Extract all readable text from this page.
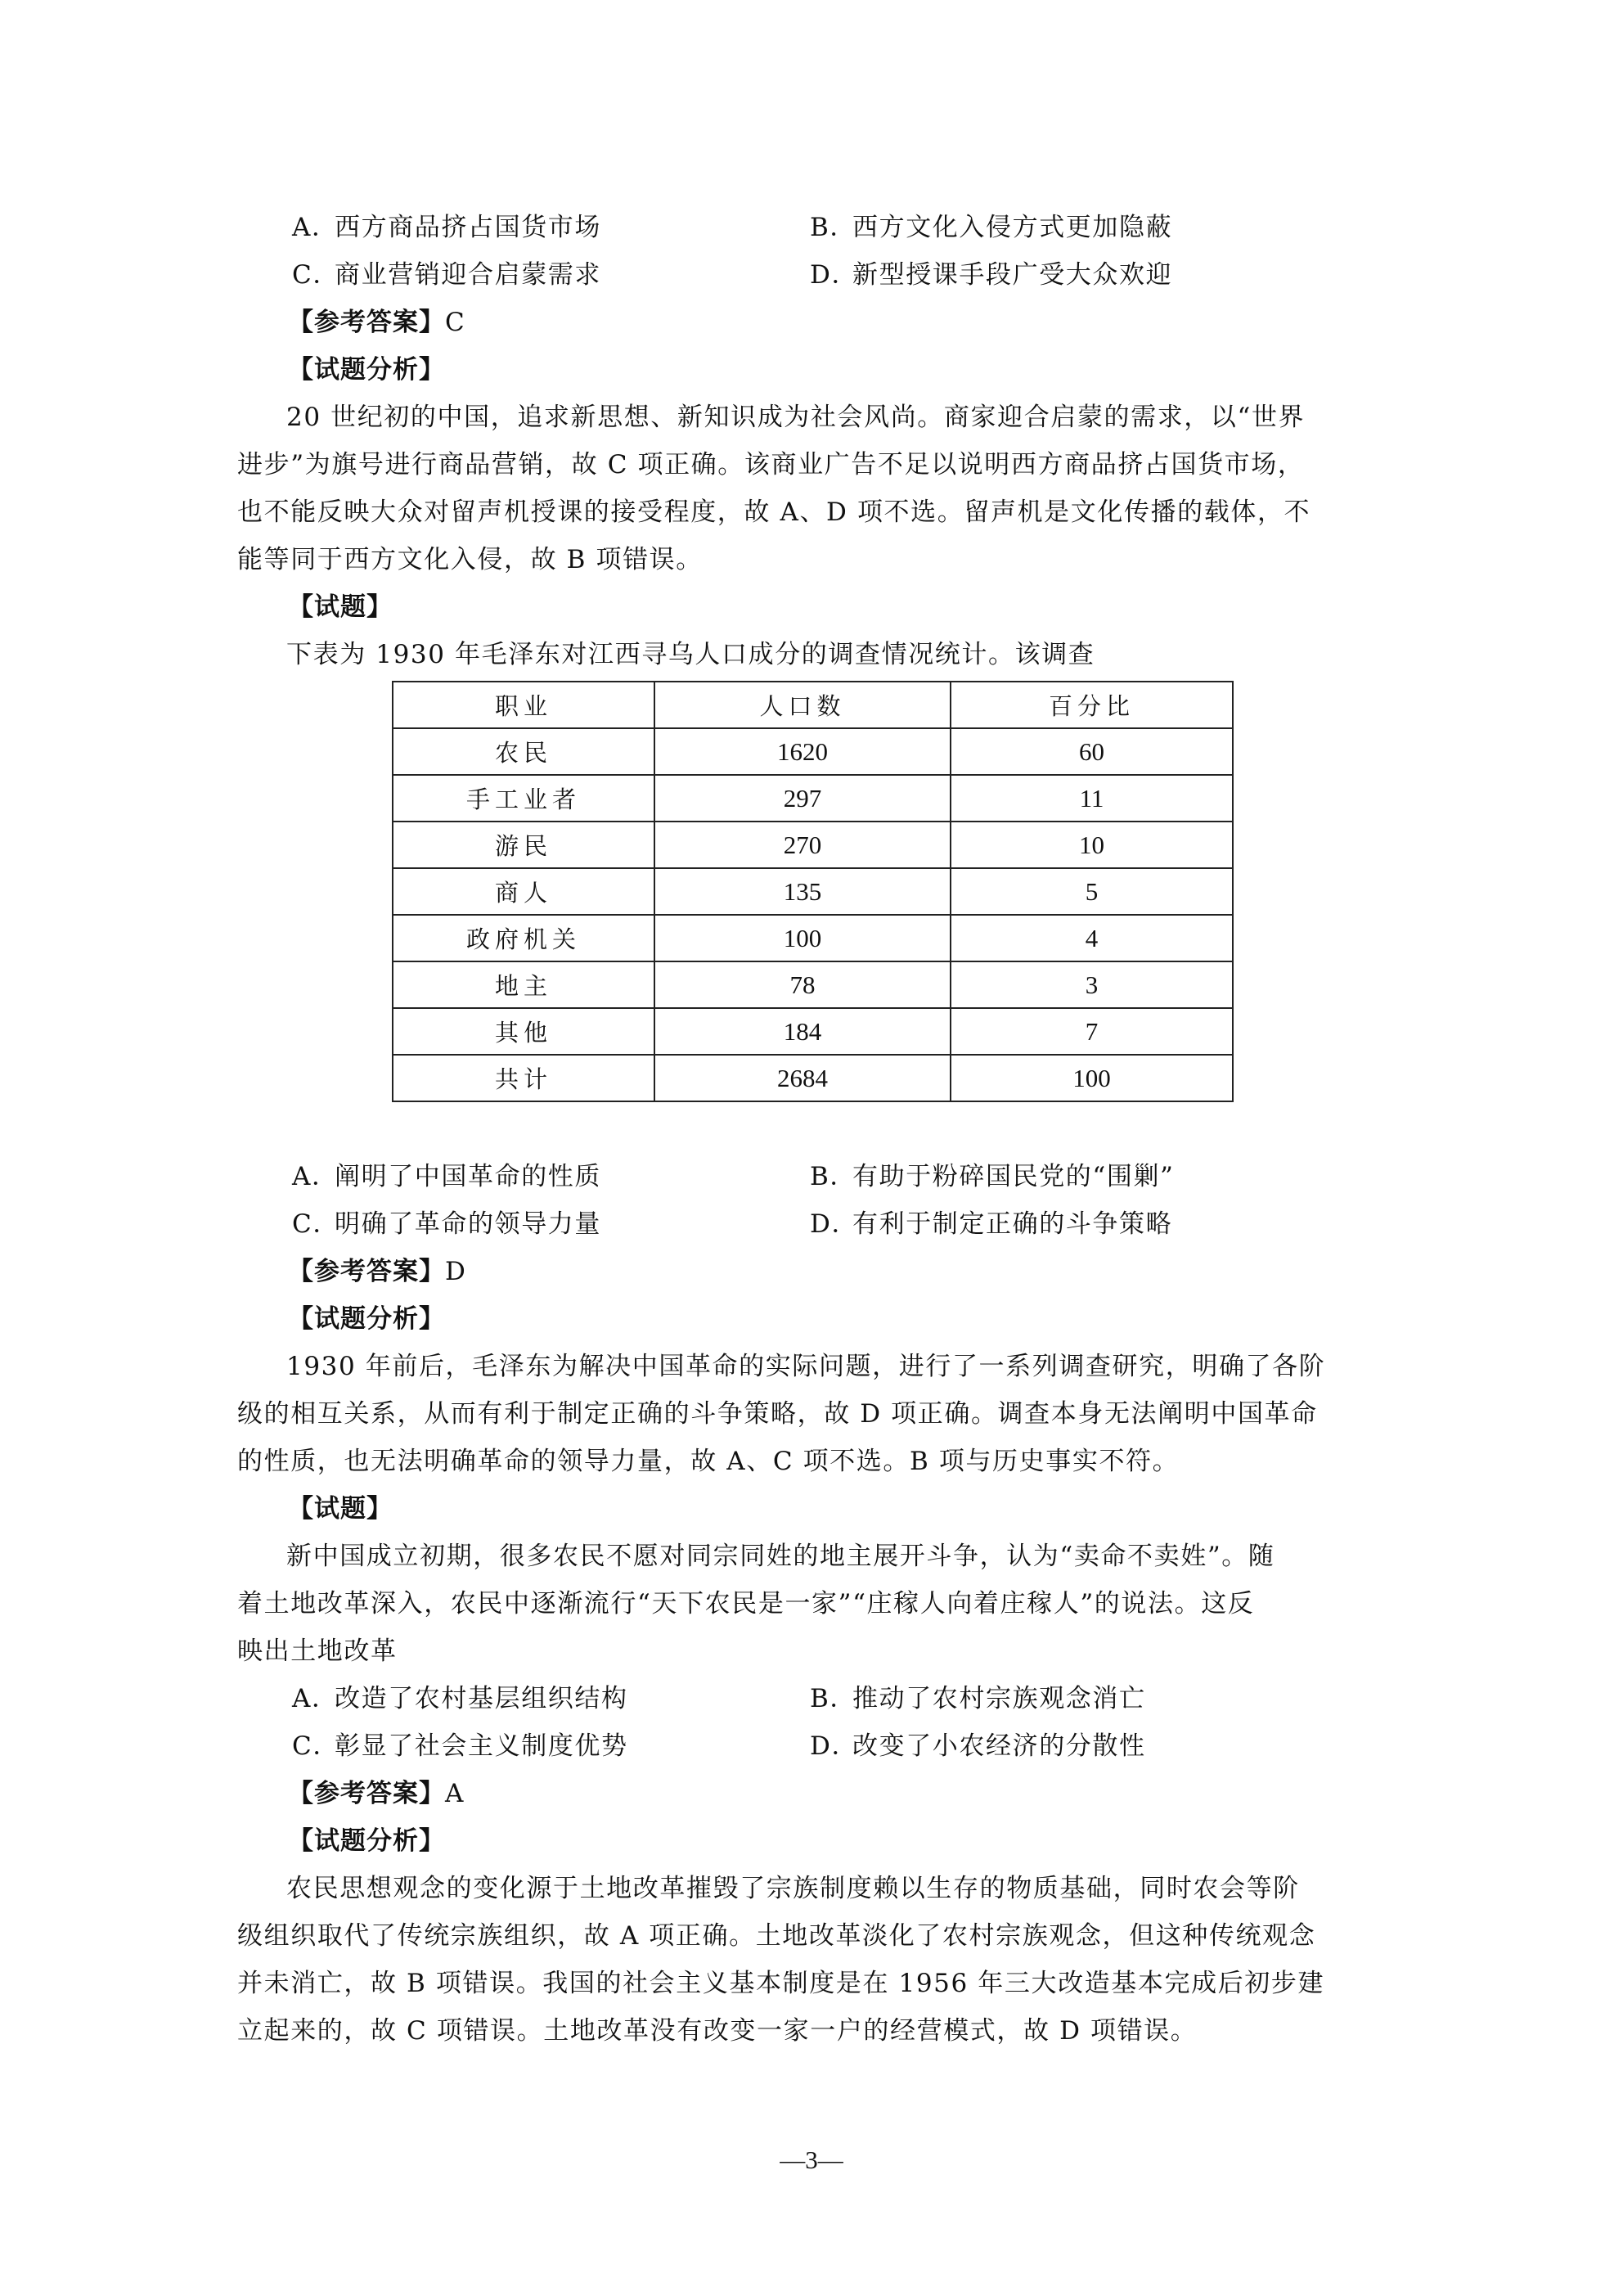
A．西方商品挤占国货市场	B．西方文化入侵方式更加隐蔽
C．商业营销迎合启蒙需求	D．新型授课手段广受大众欢迎
【参考答案】C
【试题分析】
20 世纪初的中国，追求新思想、新知识成为社会风尚。商家迎合启蒙的需求，以“世界
进步”为旗号进行商品营销，故 C 项正确。该商业广告不足以说明西方商品挤占国货市场，
也不能反映大众对留声机授课的接受程度，故 A、D 项不选。留声机是文化传播的载体，不
能等同于西方文化入侵，故 B 项错误。
【试题】
下表为 1930 年毛泽东对江西寻乌人口成分的调查情况统计。该调查
职业	人口数	百分比
农民	1620	60
手工业者	297	11
游民	270	10
商人	135	5
政府机关	100	4
地主	78	3
其他	184	7
共计	2684	100
A．阐明了中国革命的性质	B．有助于粉碎国民党的“围剿”
C．明确了革命的领导力量	D．有利于制定正确的斗争策略
【参考答案】D
【试题分析】
1930 年前后，毛泽东为解决中国革命的实际问题，进行了一系列调查研究，明确了各阶
级的相互关系，从而有利于制定正确的斗争策略，故 D 项正确。调查本身无法阐明中国革命
的性质，也无法明确革命的领导力量，故 A、C 项不选。B 项与历史事实不符。
【试题】
新中国成立初期，很多农民不愿对同宗同姓的地主展开斗争，认为“卖命不卖姓”。随
着土地改革深入，农民中逐渐流行“天下农民是一家”“庄稼人向着庄稼人”的说法。这反
映出土地改革
A．改造了农村基层组织结构	B．推动了农村宗族观念消亡
C．彰显了社会主义制度优势	D．改变了小农经济的分散性
【参考答案】A
【试题分析】
农民思想观念的变化源于土地改革摧毁了宗族制度赖以生存的物质基础，同时农会等阶
级组织取代了传统宗族组织，故 A 项正确。土地改革淡化了农村宗族观念，但这种传统观念
并未消亡，故 B 项错误。我国的社会主义基本制度是在 1956 年三大改造基本完成后初步建
立起来的，故 C 项错误。土地改革没有改变一家一户的经营模式，故 D 项错误。
—3—
